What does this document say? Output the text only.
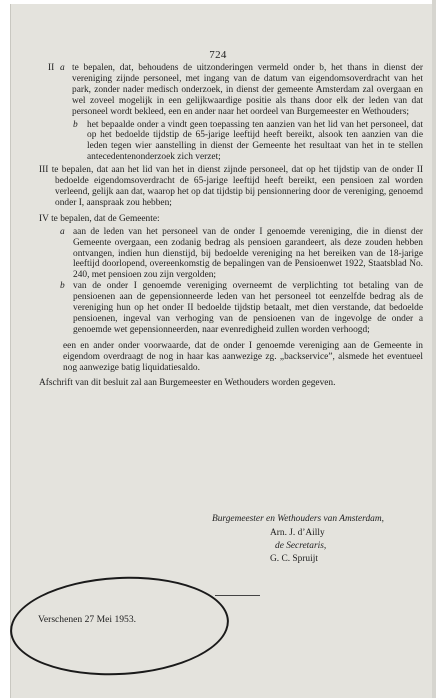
724
II a te bepalen, dat, behoudens de uitzonderingen vermeld onder b, het thans in dienst der vereniging zijnde personeel, met ingang van de datum van eigendomsoverdracht van het park, zonder nader medisch onderzoek, in dienst der gemeente Amsterdam zal overgaan en wel zoveel mogelijk in een gelijkwaardige positie als thans door elk der leden van dat personeel wordt bekleed, een en ander naar het oordeel van Burgemeester en Wethouders;
b het bepaalde onder a vindt geen toepassing ten aanzien van het lid van het personeel, dat op het bedoelde tijdstip de 65-jarige leeftijd heeft bereikt, alsook ten aanzien van die leden tegen wier aanstelling in dienst der Gemeente het resultaat van het in te stellen antecedentenonderzoek zich verzet;
III te bepalen, dat aan het lid van het in dienst zijnde personeel, dat op het tijdstip van de onder II bedoelde eigendomsoverdracht de 65-jarige leeftijd heeft bereikt, een pensioen zal worden verleend, gelijk aan dat, waarop het op dat tijdstip bij pensionnering door de vereniging, genoemd onder I, aanspraak zou hebben;
IV te bepalen, dat de Gemeente:
a aan de leden van het personeel van de onder I genoemde vereniging, die in dienst der Gemeente overgaan, een zodanig bedrag als pensioen garandeert, als deze zouden hebben ontvangen, indien hun dienstijd, bij bedoelde vereniging na het bereiken van de 18-jarige leeftijd doorlopend, overeenkomstig de bepalingen van de Pensioenwet 1922, Staatsblad No. 240, met pensioen zou zijn vergolden;
b van de onder I genoemde vereniging overneemt de verplichting tot betaling van de pensioenen aan de gepensionneerde leden van het personeel tot eenzelfde bedrag als de vereniging hun op het onder II bedoelde tijdstip betaalt, met dien verstande, dat bedoelde pensioenen, ingeval van verhoging van de pensioenen van de ingevolge de onder a genoemde wet gepensionneerden, naar evenredigheid zullen worden verhoogd;
een en ander onder voorwaarde, dat de onder I genoemde vereniging aan de Gemeente in eigendom overdraagt de nog in haar kas aanwezige zg. „backservice”, alsmede het eventueel nog aanwezige batig liquidatiesaldo.
Afschrift van dit besluit zal aan Burgemeester en Wethouders worden gegeven.
Burgemeester en Wethouders van Amsterdam,
Arn. J. d’Ailly
de Secretaris,
G. C. Spruijt
Verschenen 27 Mei 1953.
